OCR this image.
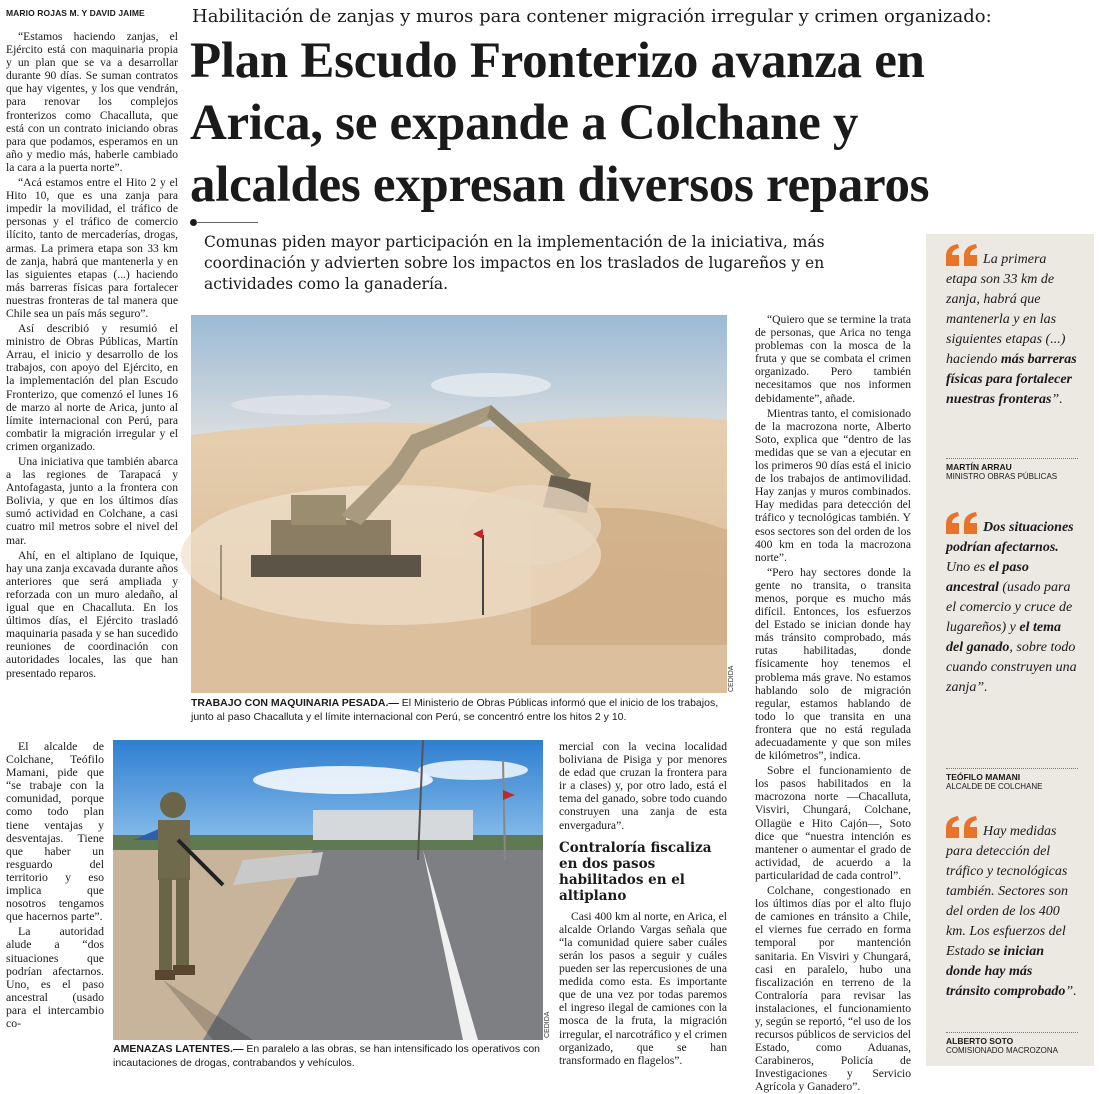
MARIO ROJAS M. Y DAVID JAIME	Habilitación de zanjas y muros para contener migración irregular y crimen organizado:
Plan Escudo Fronterizo avanza en
Arica, se expande a Colchane y
alcaldes expresan diversos reparos
Comunas piden mayor participación en la implementación de la iniciativa, más coordinación y advierten sobre los impactos en los traslados de lugareños y en actividades como la ganadería.

“Estamos haciendo zanjas, el Ejército está con maquinaria propia y un plan que se va a desarrollar durante 90 días. Se suman contratos que hay vigentes, y los que vendrán, para renovar los complejos fronterizos como Chacalluta, que está con un contrato iniciando obras para que podamos, esperamos en un año y medio más, haberle cambiado la cara a la puerta norte”.

“Acá estamos entre el Hito 2 y el Hito 10, que es una zanja para impedir la movilidad, el tráfico de personas y el tráfico de comercio ilícito, tanto de mercaderías, drogas, armas. La primera etapa son 33 km de zanja, habrá que mantenerla y en las siguientes etapas (...) haciendo más barreras físicas para fortalecer nuestras fronteras de tal manera que Chile sea un país más seguro”.

Así describió y resumió el ministro de Obras Públicas, Martín Arrau, el inicio y desarrollo de los trabajos, con apoyo del Ejército, en la implementación del plan Escudo Fronterizo, que comenzó el lunes 16 de marzo al norte de Arica, junto al límite internacional con Perú, para combatir la migración irregular y el crimen organizado.

Una iniciativa que también abarca a las regiones de Tarapacá y Antofagasta, junto a la frontera con Bolivia, y que en los últimos días sumó actividad en Colchane, a casi cuatro mil metros sobre el nivel del mar.

Ahí, en el altiplano de Iquique, hay una zanja excavada durante años anteriores que será ampliada y reforzada con un muro aledaño, al igual que en Chacalluta. En los últimos días, el Ejército trasladó maquinaria pasada y se han sucedido reuniones de coordinación con autoridades locales, las que han presentado reparos.

El alcalde de Colchane, Teófilo Mamani, pide que “se trabaje con la comunidad, porque como todo plan tiene ventajas y desventajas. Tiene que haber un resguardo del territorio y eso implica que nosotros tengamos que hacernos parte”.

La autoridad alude a “dos situaciones que podrían afectarnos. Uno, es el paso ancestral (usado para el intercambio co-

CEDIDA
TRABAJO CON MAQUINARIA PESADA.— El Ministerio de Obras Públicas informó que el inicio de los trabajos, junto al paso Chacalluta y el límite internacional con Perú, se concentró entre los hitos 2 y 10.
CEDIDA
AMENAZAS LATENTES.— En paralelo a las obras, se han intensificado los operativos con incautaciones de drogas, contrabandos y vehículos.

mercial con la vecina localidad boliviana de Pisiga y por menores de edad que cruzan la frontera para ir a clases) y, por otro lado, está el tema del ganado, sobre todo cuando construyen una zanja de esta envergadura”.

Contraloría fiscaliza en dos pasos habilitados en el altiplano

Casi 400 km al norte, en Arica, el alcalde Orlando Vargas señala que “la comunidad quiere saber cuáles serán los pasos a seguir y cuáles pueden ser las repercusiones de una medida como esta. Es importante que de una vez por todas paremos el ingreso ilegal de camiones con la mosca de la fruta, la migración irregular, el narcotráfico y el crimen organizado, que se han transformado en flagelos”.

“Quiero que se termine la trata de personas, que Arica no tenga problemas con la mosca de la fruta y que se combata el crimen organizado. Pero también necesitamos que nos informen debidamente”, añade.

Mientras tanto, el comisionado de la macrozona norte, Alberto Soto, explica que “dentro de las medidas que se van a ejecutar en los primeros 90 días está el inicio de los trabajos de antimovilidad. Hay zanjas y muros combinados. Hay medidas para detección del tráfico y tecnológicas también. Y esos sectores son del orden de los 400 km en toda la macrozona norte”.

“Pero hay sectores donde la gente no transita, o transita menos, porque es mucho más difícil. Entonces, los esfuerzos del Estado se inician donde hay más tránsito comprobado, más rutas habilitadas, donde físicamente hoy tenemos el problema más grave. No estamos hablando solo de migración regular, estamos hablando de todo lo que transita en una frontera que no está regulada adecuadamente y que son miles de kilómetros”, indica.

Sobre el funcionamiento de los pasos habilitados en la macrozona norte —Chacalluta, Visviri, Chungará, Colchane, Ollagüe e Hito Cajón—, Soto dice que “nuestra intención es mantener o aumentar el grado de actividad, de acuerdo a la particularidad de cada control”.

Colchane, congestionado en los últimos días por el alto flujo de camiones en tránsito a Chile, el viernes fue cerrado en forma temporal por mantención sanitaria. En Visviri y Chungará, casi en paralelo, hubo una fiscalización en terreno de la Contraloría para revisar las instalaciones, el funcionamiento y, según se reportó, “el uso de los recursos públicos de servicios del Estado, como Aduanas, Carabineros, Policía de Investigaciones y Servicio Agrícola y Ganadero”.

La primera etapa son 33 km de zanja, habrá que mantenerla y en las siguientes etapas (...) haciendo más barreras físicas para fortalecer nuestras fronteras”.
MARTÍN ARRAU
MINISTRO OBRAS PÚBLICAS
Dos situaciones podrían afectarnos. Uno es el paso ancestral (usado para el comercio y cruce de lugareños) y el tema del ganado, sobre todo cuando construyen una zanja”.
TEÓFILO MAMANI
ALCALDE DE COLCHANE
Hay medidas para detección del tráfico y tecnológicas también. Sectores son del orden de los 400 km. Los esfuerzos del Estado se inician donde hay más tránsito comprobado”.
ALBERTO SOTO
COMISIONADO MACROZONA
